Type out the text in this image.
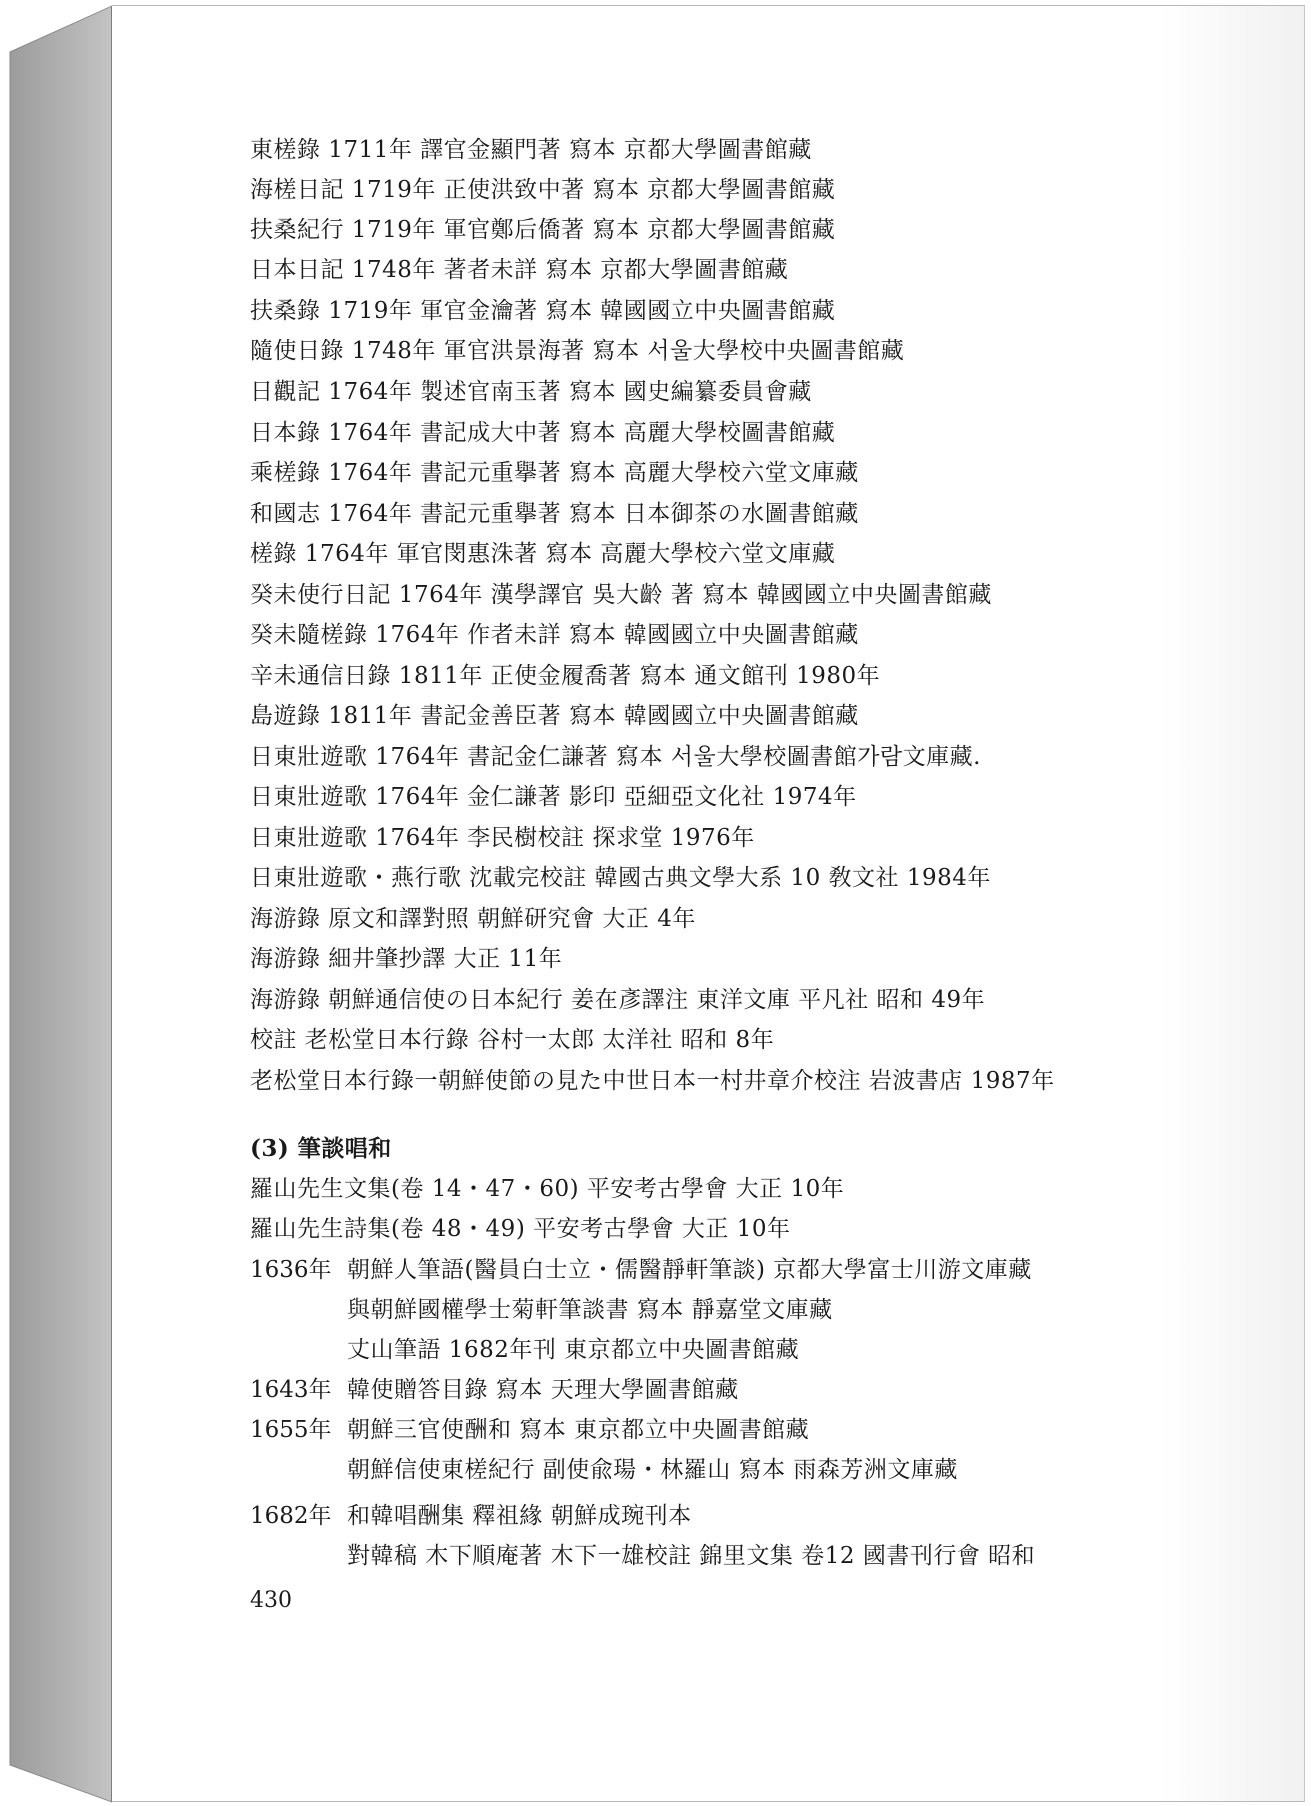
東槎錄 1711年 譯官金顯門著 寫本 京都大學圖書館藏
海槎日記 1719年 正使洪致中著 寫本 京都大學圖書館藏
扶桑紀行 1719年 軍官鄭后僑著 寫本 京都大學圖書館藏
日本日記 1748年 著者未詳 寫本 京都大學圖書館藏
扶桑錄 1719年 軍官金瀹著 寫本 韓國國立中央圖書館藏
隨使日錄 1748年 軍官洪景海著 寫本 서울大學校中央圖書館藏
日觀記 1764年 製述官南玉著 寫本 國史編纂委員會藏
日本錄 1764年 書記成大中著 寫本 高麗大學校圖書館藏
乘槎錄 1764年 書記元重擧著 寫本 高麗大學校六堂文庫藏
和國志 1764年 書記元重擧著 寫本 日本御茶の水圖書館藏
槎錄 1764年 軍官閔惠洙著 寫本 高麗大學校六堂文庫藏
癸未使行日記 1764年 漢學譯官 吳大齡 著 寫本 韓國國立中央圖書館藏
癸未隨槎錄 1764年 作者未詳 寫本 韓國國立中央圖書館藏
辛未通信日錄 1811年 正使金履喬著 寫本 通文館刊 1980年
島遊錄 1811年 書記金善臣著 寫本 韓國國立中央圖書館藏
日東壯遊歌 1764年 書記金仁謙著 寫本 서울大學校圖書館가람文庫藏.
日東壯遊歌 1764年 金仁謙著 影印 亞細亞文化社 1974年
日東壯遊歌 1764年 李民樹校註 探求堂 1976年
日東壯遊歌・燕行歌 沈載完校註 韓國古典文學大系 10 敎文社 1984年
海游錄 原文和譯對照 朝鮮研究會 大正 4年
海游錄 細井肇抄譯 大正 11年
海游錄 朝鮮通信使の日本紀行 姜在彥譯注 東洋文庫 平凡社 昭和 49年
校註 老松堂日本行錄 谷村一太郎 太洋社 昭和 8年
老松堂日本行錄一朝鮮使節の見た中世日本一村井章介校注 岩波書店 1987年
(3) 筆談唱和
羅山先生文集(卷 14・47・60) 平安考古學會 大正 10年
羅山先生詩集(卷 48・49) 平安考古學會 大正 10年
1636年 朝鮮人筆語(醫員白士立・儒醫靜軒筆談) 京都大學富士川游文庫藏
與朝鮮國權學士菊軒筆談書 寫本 靜嘉堂文庫藏
丈山筆語 1682年刊 東京都立中央圖書館藏
1643年 韓使贈答目錄 寫本 天理大學圖書館藏
1655年 朝鮮三官使酬和 寫本 東京都立中央圖書館藏
朝鮮信使東槎紀行 副使兪瑒・林羅山 寫本 雨森芳洲文庫藏
1682年 和韓唱酬集 釋祖緣 朝鮮成琬刊本
對韓稿 木下順庵著 木下一雄校註 錦里文集 卷12 國書刊行會 昭和
430
